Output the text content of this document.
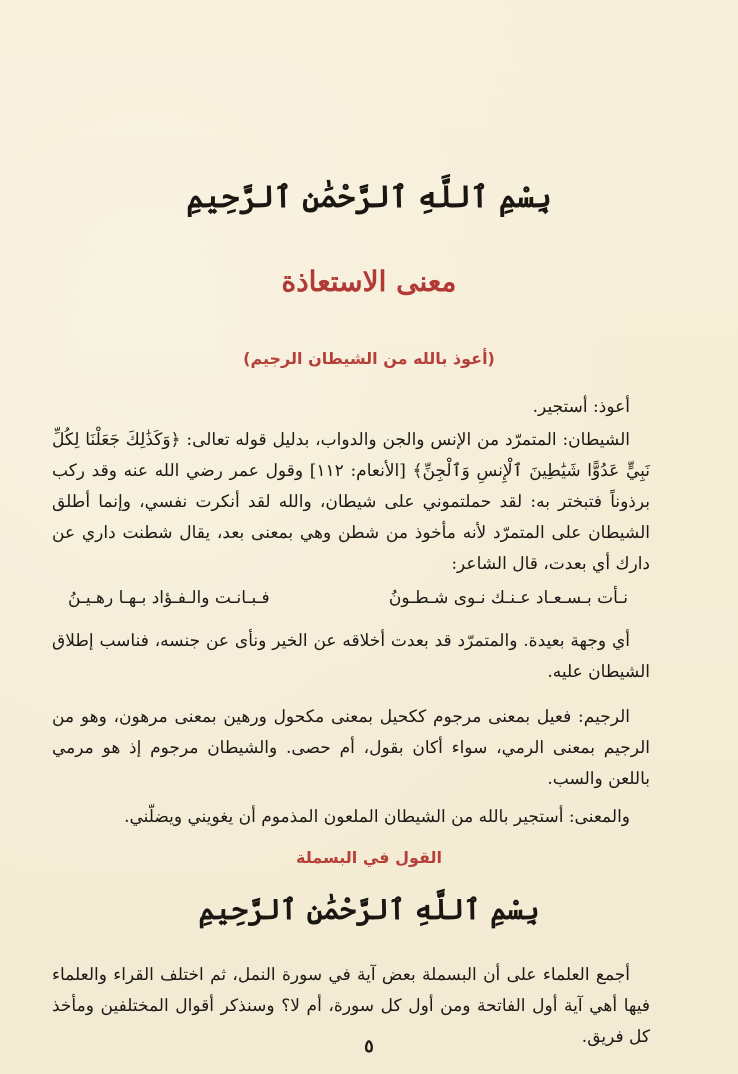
بِسْمِ ٱللَّهِ ٱلرَّحْمَٰنِ ٱلرَّحِيمِ
معنى الاستعاذة
(أعوذ بالله من الشيطان الرجيم)
أعوذ: أستجير.
الشيطان: المتمرّد من الإنس والجن والدواب، بدليل قوله تعالى: ﴿وَكَذَٰلِكَ جَعَلْنَا لِكُلِّ نَبِيٍّ عَدُوًّا شَيَٰطِينَ ٱلْإِنسِ وَٱلْجِنِّ﴾ [الأنعام: ١١٢] وقول عمر رضي الله عنه وقد ركب برذوناً فتبختر به: لقد حملتموني على شيطان، والله لقد أنكرت نفسي، وإنما أطلق الشيطان على المتمرّد لأنه مأخوذ من شطن وهي بمعنى بعد، يقال شطنت داري عن دارك أي بعدت، قال الشاعر:
نـأت بـسـعـاد عـنـك نـوى شـطـونُ
فـبـانـت والـفـؤاد بـهـا رهـيـنُ
أي وجهة بعيدة. والمتمرّد قد بعدت أخلاقه عن الخير ونأى عن جنسه، فناسب إطلاق الشيطان عليه.
الرجيم: فعيل بمعنى مرجوم ككحيل بمعنى مكحول ورهين بمعنى مرهون، وهو من الرجيم بمعنى الرمي، سواء أكان بقول، أم حصى. والشيطان مرجوم إذ هو مرمي باللعن والسب.
والمعنى: أستجير بالله من الشيطان الملعون المذموم أن يغويني ويضلّني.
القول في البسملة
بِسْمِ ٱللَّهِ ٱلرَّحْمَٰنِ ٱلرَّحِيمِ
أجمع العلماء على أن البسملة بعض آية في سورة النمل، ثم اختلف القراء والعلماء فيها أهي آية أول الفاتحة ومن أول كل سورة، أم لا؟ وسنذكر أقوال المختلفين ومأخذ كل فريق.
٥
